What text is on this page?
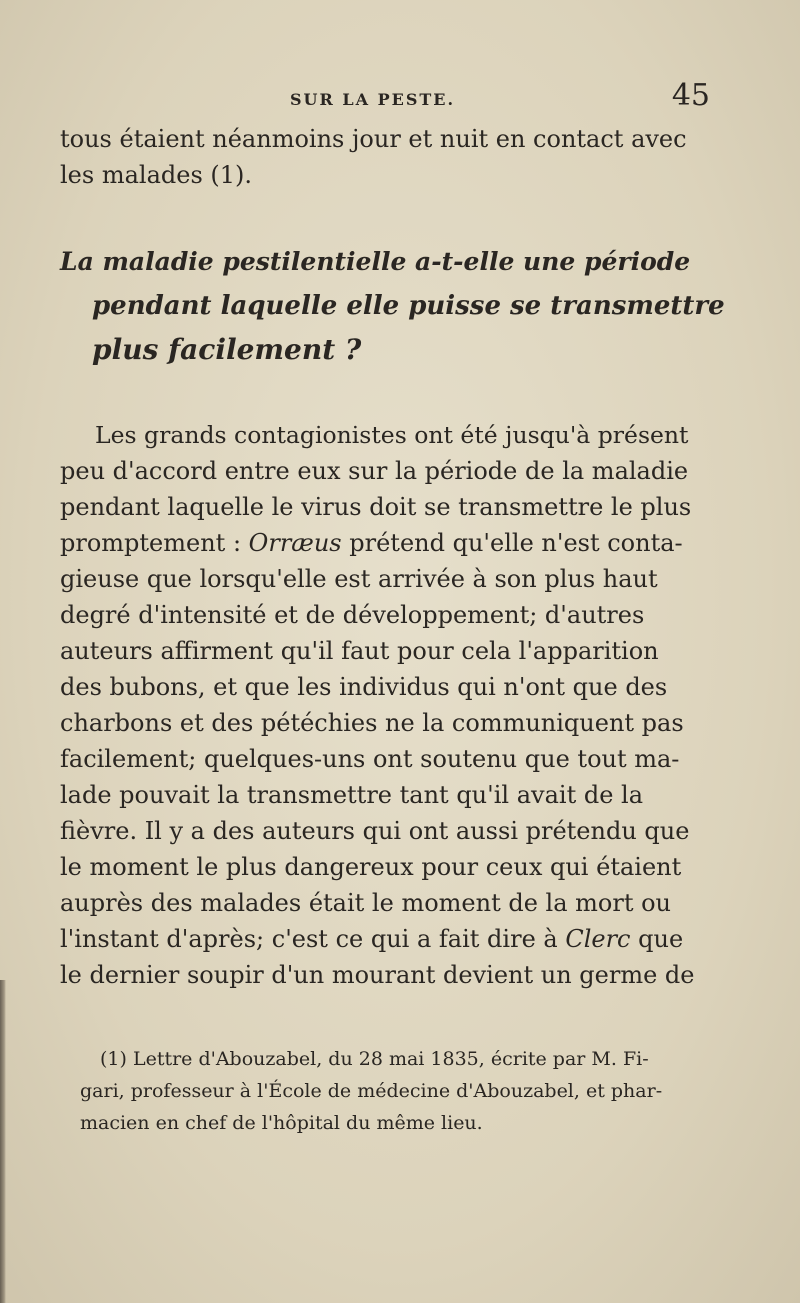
SUR LA PESTE.	45
tous étaient néanmoins jour et nuit en contact avec
les malades (1).
La maladie pestilentielle a-t-elle une période
pendant laquelle elle puisse se transmettre
plus facilement ?
Les grands contagionistes ont été jusqu'à présent
peu d'accord entre eux sur la période de la maladie
pendant laquelle le virus doit se transmettre le plus
promptement : Orræus prétend qu'elle n'est conta-
gieuse que lorsqu'elle est arrivée à son plus haut
degré d'intensité et de développement; d'autres
auteurs affirment qu'il faut pour cela l'apparition
des bubons, et que les individus qui n'ont que des
charbons et des pétéchies ne la communiquent pas
facilement; quelques-uns ont soutenu que tout ma-
lade pouvait la transmettre tant qu'il avait de la
fièvre. Il y a des auteurs qui ont aussi prétendu que
le moment le plus dangereux pour ceux qui étaient
auprès des malades était le moment de la mort ou
l'instant d'après; c'est ce qui a fait dire à Clerc que
le dernier soupir d'un mourant devient un germe de
(1) Lettre d'Abouzabel, du 28 mai 1835, écrite par M. Fi-
gari, professeur à l'École de médecine d'Abouzabel, et phar-
macien en chef de l'hôpital du même lieu.
